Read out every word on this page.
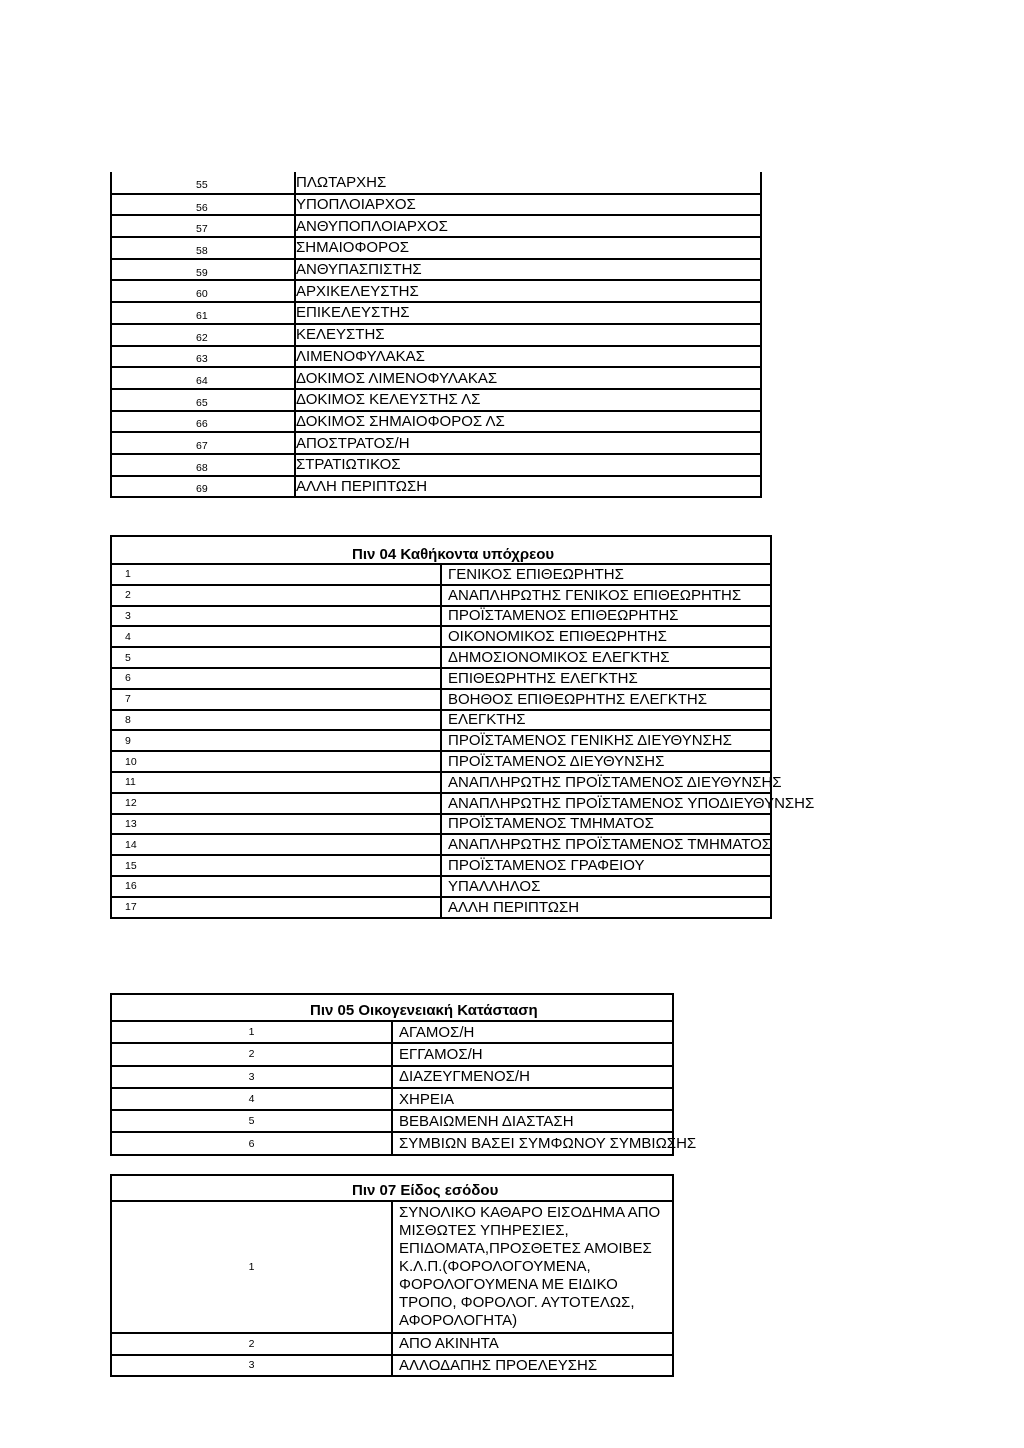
55	ΠΛΩΤΑΡΧΗΣ
56	ΥΠΟΠΛΟΙΑΡΧΟΣ
57	ΑΝΘΥΠΟΠΛΟΙΑΡΧΟΣ
58	ΣΗΜΑΙΟΦΟΡΟΣ
59	ΑΝΘΥΠΑΣΠΙΣΤΗΣ
60	ΑΡΧΙΚΕΛΕΥΣΤΗΣ
61	ΕΠΙΚΕΛΕΥΣΤΗΣ
62	ΚΕΛΕΥΣΤΗΣ
63	ΛΙΜΕΝΟΦΥΛΑΚΑΣ
64	ΔΟΚΙΜΟΣ ΛΙΜΕΝΟΦΥΛΑΚΑΣ
65	ΔΟΚΙΜΟΣ ΚΕΛΕΥΣΤΗΣ ΛΣ
66	ΔΟΚΙΜΟΣ ΣΗΜΑΙΟΦΟΡΟΣ ΛΣ
67	ΑΠΟΣΤΡΑΤΟΣ/Η
68	ΣΤΡΑΤΙΩΤΙΚΟΣ
69	ΑΛΛΗ ΠΕΡΙΠΤΩΣΗ
Πιν 04 Καθήκοντα υπόχρεου	
1	ΓΕΝΙΚΟΣ ΕΠΙΘΕΩΡΗΤΗΣ
2	ΑΝΑΠΛΗΡΩΤΗΣ ΓΕΝΙΚΟΣ ΕΠΙΘΕΩΡΗΤΗΣ
3	ΠΡΟΪΣΤΑΜΕΝΟΣ ΕΠΙΘΕΩΡΗΤΗΣ
4	ΟΙΚΟΝΟΜΙΚΟΣ ΕΠΙΘΕΩΡΗΤΗΣ
5	ΔΗΜΟΣΙΟΝΟΜΙΚΟΣ ΕΛΕΓΚΤΗΣ
6	ΕΠΙΘΕΩΡΗΤΗΣ ΕΛΕΓΚΤΗΣ
7	ΒΟΗΘΟΣ ΕΠΙΘΕΩΡΗΤΗΣ ΕΛΕΓΚΤΗΣ
8	ΕΛΕΓΚΤΗΣ
9	ΠΡΟΪΣΤΑΜΕΝΟΣ ΓΕΝΙΚΗΣ ΔΙΕΥΘΥΝΣΗΣ
10	ΠΡΟΪΣΤΑΜΕΝΟΣ ΔΙΕΥΘΥΝΣΗΣ
11	ΑΝΑΠΛΗΡΩΤΗΣ ΠΡΟΪΣΤΑΜΕΝΟΣ ΔΙΕΥΘΥΝΣΗΣ
12	ΑΝΑΠΛΗΡΩΤΗΣ ΠΡΟΪΣΤΑΜΕΝΟΣ ΥΠΟΔΙΕΥΘΥΝΣΗΣ
13	ΠΡΟΪΣΤΑΜΕΝΟΣ ΤΜΗΜΑΤΟΣ
14	ΑΝΑΠΛΗΡΩΤΗΣ ΠΡΟΪΣΤΑΜΕΝΟΣ ΤΜΗΜΑΤΟΣ
15	ΠΡΟΪΣΤΑΜΕΝΟΣ ΓΡΑΦΕΙΟΥ
16	ΥΠΑΛΛΗΛΟΣ
17	ΑΛΛΗ ΠΕΡΙΠΤΩΣΗ
Πιν 05 Οικογενειακή Κατάσταση	
1	ΑΓΑΜΟΣ/Η
2	ΕΓΓΑΜΟΣ/Η
3	ΔΙΑΖΕΥΓΜΕΝΟΣ/Η
4	ΧΗΡΕΙΑ
5	ΒΕΒΑΙΩΜΕΝΗ ΔΙΑΣΤΑΣΗ
6	ΣΥΜΒΙΩΝ ΒΑΣΕΙ ΣΥΜΦΩΝΟΥ ΣΥΜΒΙΩΣΗΣ
Πιν 07 Είδος εσόδου	
1	ΣΥΝΟΛΙΚΟ ΚΑΘΑΡΟ ΕΙΣΟΔΗΜΑ ΑΠΟ ΜΙΣΘΩΤΕΣ ΥΠΗΡΕΣΙΕΣ,
ΕΠΙΔΟΜΑΤΑ,ΠΡΟΣΘΕΤΕΣ ΑΜΟΙΒΕΣ
Κ.Λ.Π.(ΦΟΡΟΛΟΓΟΥΜΕΝΑ, ΦΟΡΟΛΟΓΟΥΜΕΝΑ ΜΕ ΕΙΔΙΚΟ
ΤΡΟΠΟ, ΦΟΡΟΛΟΓ. ΑΥΤΟΤΕΛΩΣ, ΑΦΟΡΟΛΟΓΗΤΑ)

2	ΑΠΟ ΑΚΙΝΗΤΑ
3	ΑΛΛΟΔΑΠΗΣ ΠΡΟΕΛΕΥΣΗΣ
